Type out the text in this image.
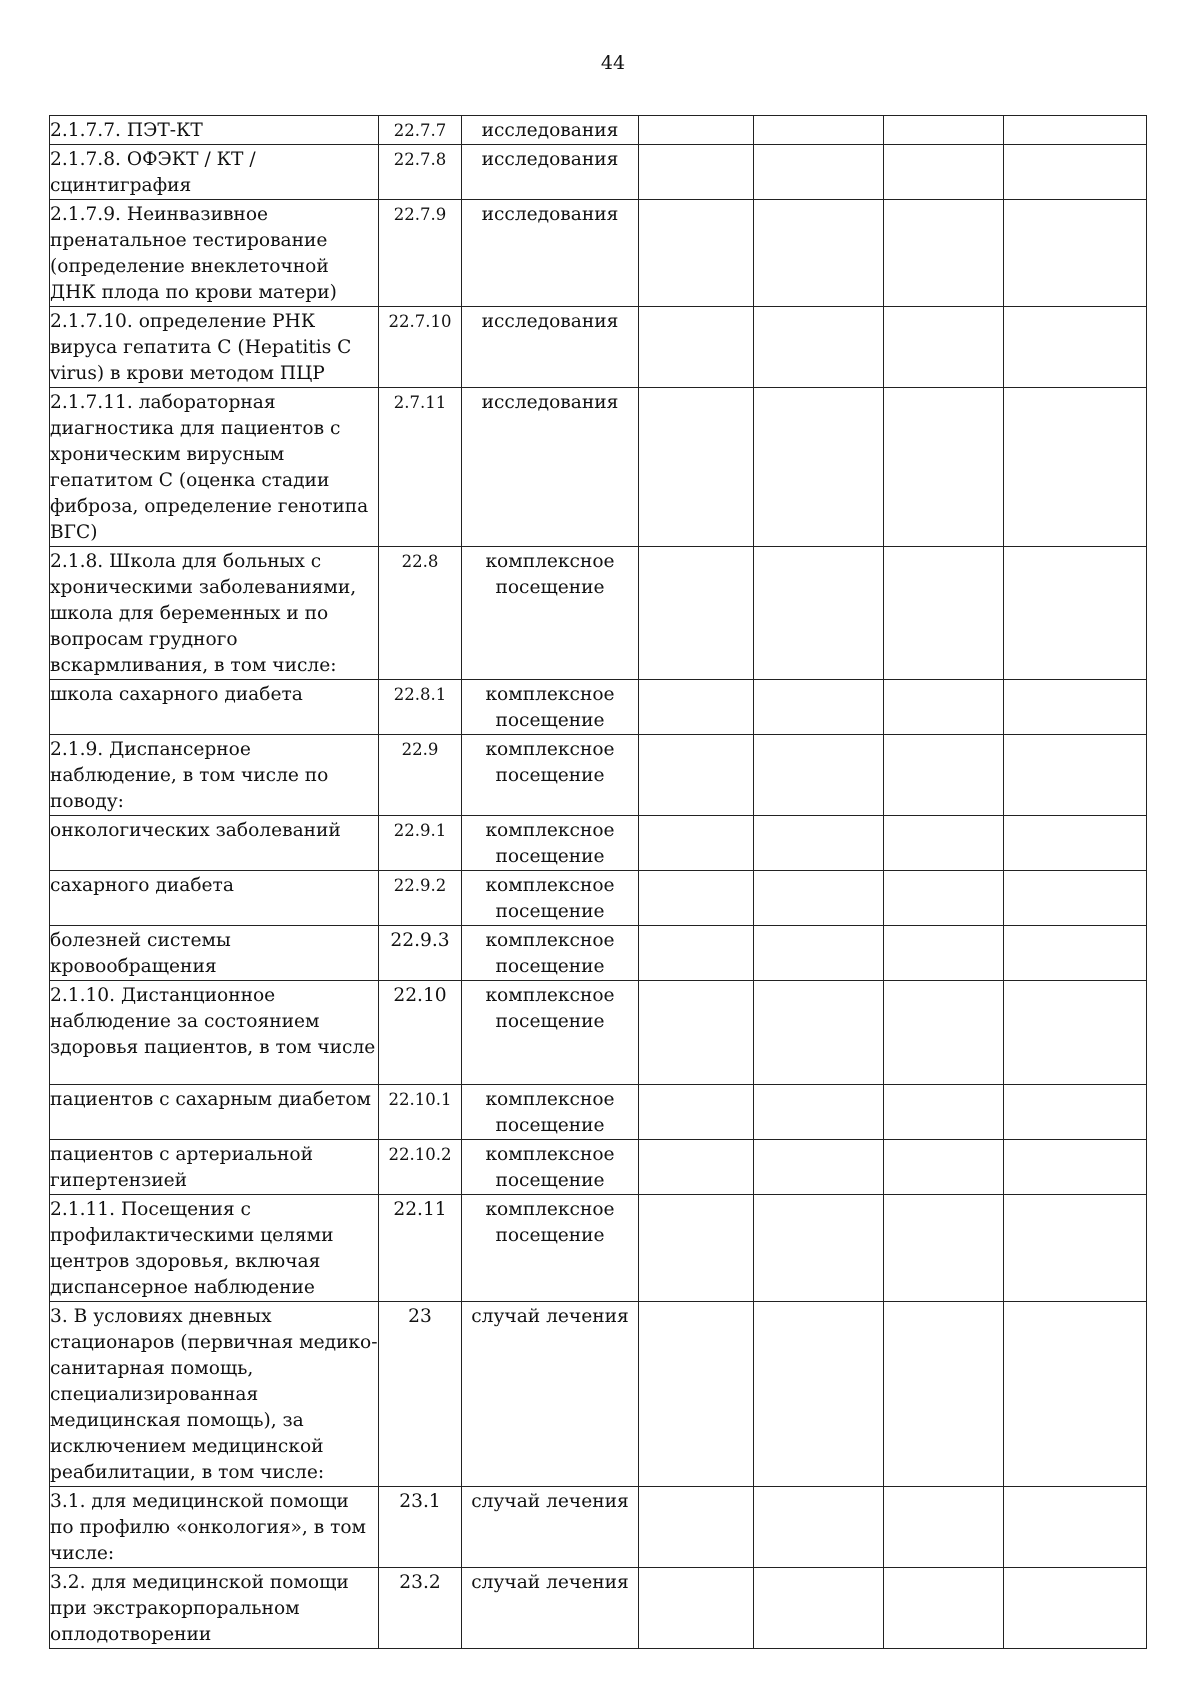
44
2.1.7.7. ПЭТ-КТ	22.7.7	исследования				
2.1.7.8. ОФЭКТ / КТ / сцинтиграфия	22.7.8	исследования				
2.1.7.9. Неинвазивное пренатальное тестирование (определение внеклеточной ДНК плода по крови матери)	22.7.9	исследования				
2.1.7.10. определение РНК вируса гепатита C (Hepatitis C virus) в крови методом ПЦР	22.7.10	исследования				
2.1.7.11. лабораторная диагностика для пациентов с хроническим вирусным гепатитом С (оценка стадии фиброза, определение генотипа ВГС)	2.7.11	исследования				
2.1.8. Школа для больных с хроническими заболеваниями, школа для беременных и по вопросам грудного вскармливания, в том числе:	22.8	комплексное посещение				
школа сахарного диабета	22.8.1	комплексное посещение				
2.1.9. Диспансерное наблюдение, в том числе по поводу:	22.9	комплексное посещение				
онкологических заболеваний	22.9.1	комплексное посещение				
сахарного диабета	22.9.2	комплексное посещение				
болезней системы кровообращения	22.9.3	комплексное посещение				
2.1.10. Дистанционное наблюдение за состоянием здоровья пациентов, в том числе	22.10	комплексное посещение				
пациентов с сахарным диабетом	22.10.1	комплексное посещение				
пациентов с артериальной гипертензией	22.10.2	комплексное посещение				
2.1.11. Посещения с профилактическими целями центров здоровья, включая диспансерное наблюдение	22.11	комплексное посещение				
3. В условиях дневных стационаров (первичная медико-санитарная помощь, специализированная медицинская помощь), за исключением медицинской реабилитации, в том числе:	23	случай лечения				
3.1. для медицинской помощи по профилю «онкология», в том числе:	23.1	случай лечения				
3.2. для медицинской помощи при экстракорпоральном оплодотворении	23.2	случай лечения				
